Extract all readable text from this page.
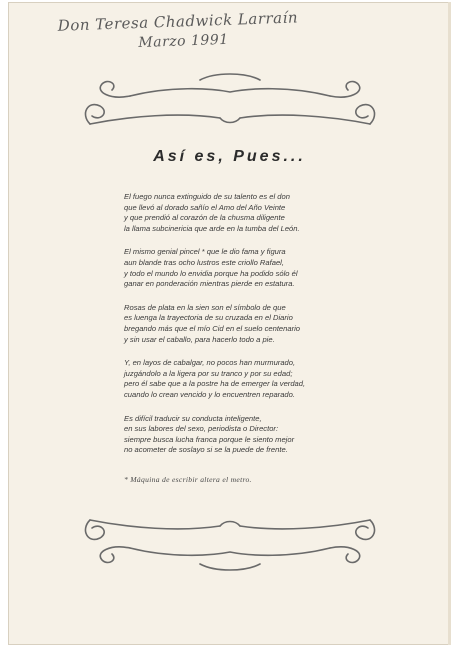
Don Teresa Chadwick Larraín
Marzo 1991
Así es, Pues...
El fuego nunca extinguido de su talento es el don
que llevó al dorado sañío el Amo del Año Veinte
y que prendió al corazón de la chusma diligente
la llama subcinericia que arde en la tumba del León.
El mismo genial pincel * que le dio fama y figura
aun blande tras ocho lustros este criollo Rafael,
y todo el mundo lo envidia porque ha podido sólo él
ganar en ponderación mientras pierde en estatura.
Rosas de plata en la sien son el símbolo de que
es luenga la trayectoria de su cruzada en el Diario
bregando más que el mío Cid en el suelo centenario
y sin usar el caballo, para hacerlo todo a pie.
Y, en layos de cabalgar, no pocos han murmurado,
juzgándolo a la ligera por su tranco y por su edad;
pero él sabe que a la postre ha de emerger la verdad,
cuando lo crean vencido y lo encuentren reparado.
Es difícil traducir su conducta inteligente,
en sus labores del sexo, periodista o Director:
siempre busca lucha franca porque le siento mejor
no acometer de soslayo si se la puede de frente.
* Máquina de escribir altera el metro.
